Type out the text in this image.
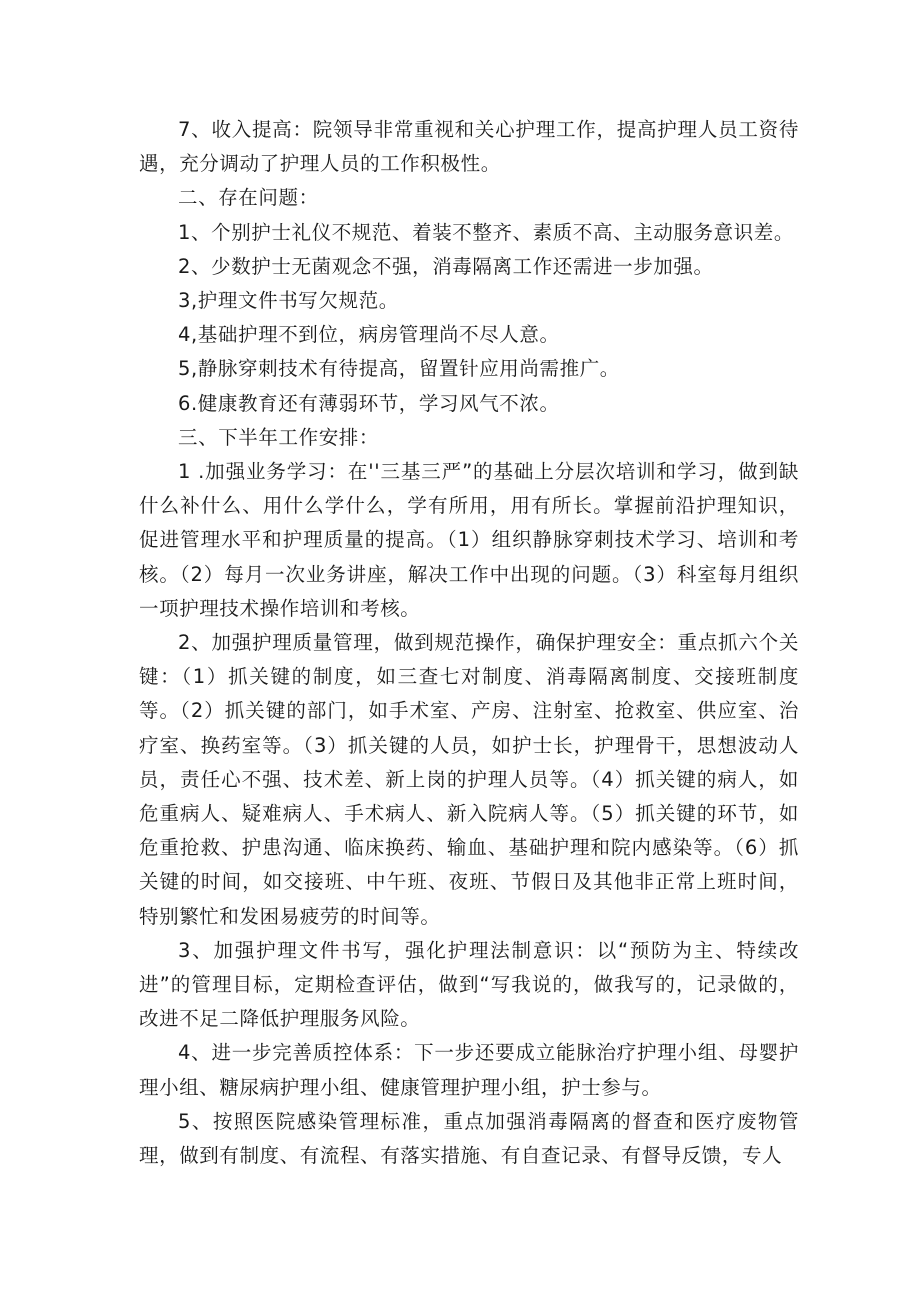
7、收入提高：院领导非常重视和关心护理工作，提高护理人员工资待遇，充分调动了护理人员的工作积极性。

二、存在问题：

1、个别护士礼仪不规范、着装不整齐、素质不高、主动服务意识差。

2、少数护士无菌观念不强，消毒隔离工作还需进一步加强。

3,护理文件书写欠规范。

4,基础护理不到位，病房管理尚不尽人意。

5,静脉穿刺技术有待提高，留置针应用尚需推广。

6.健康教育还有薄弱环节，学习风气不浓。

三、下半年工作安排：

1 .加强业务学习：在''三基三严”的基础上分层次培训和学习，做到缺什么补什么、用什么学什么，学有所用，用有所长。掌握前沿护理知识，促进管理水平和护理质量的提高。（1）组织静脉穿刺技术学习、培训和考核。（2）每月一次业务讲座，解决工作中出现的问题。（3）科室每月组织一项护理技术操作培训和考核。

2、加强护理质量管理，做到规范操作，确保护理安全：重点抓六个关键：（1）抓关键的制度，如三查七对制度、消毒隔离制度、交接班制度等。（2）抓关键的部门，如手术室、产房、注射室、抢救室、供应室、治疗室、换药室等。（3）抓关键的人员，如护士长，护理骨干，思想波动人员，责任心不强、技术差、新上岗的护理人员等。（4）抓关键的病人，如危重病人、疑难病人、手术病人、新入院病人等。（5）抓关键的环节，如危重抢救、护患沟通、临床换药、输血、基础护理和院内感染等。（6）抓关键的时间，如交接班、中午班、夜班、节假日及其他非正常上班时间，特别繁忙和发困易疲劳的时间等。

3、加强护理文件书写，强化护理法制意识：以“预防为主、特续改进”的管理目标，定期检查评估，做到“写我说的，做我写的，记录做的，改进不足二降低护理服务风险。

4、进一步完善质控体系：下一步还要成立能脉治疗护理小组、母婴护理小组、糖尿病护理小组、健康管理护理小组，护士参与。

5、按照医院感染管理标准，重点加强消毒隔离的督查和医疗废物管理，做到有制度、有流程、有落实措施、有自查记录、有督导反馈，专人
